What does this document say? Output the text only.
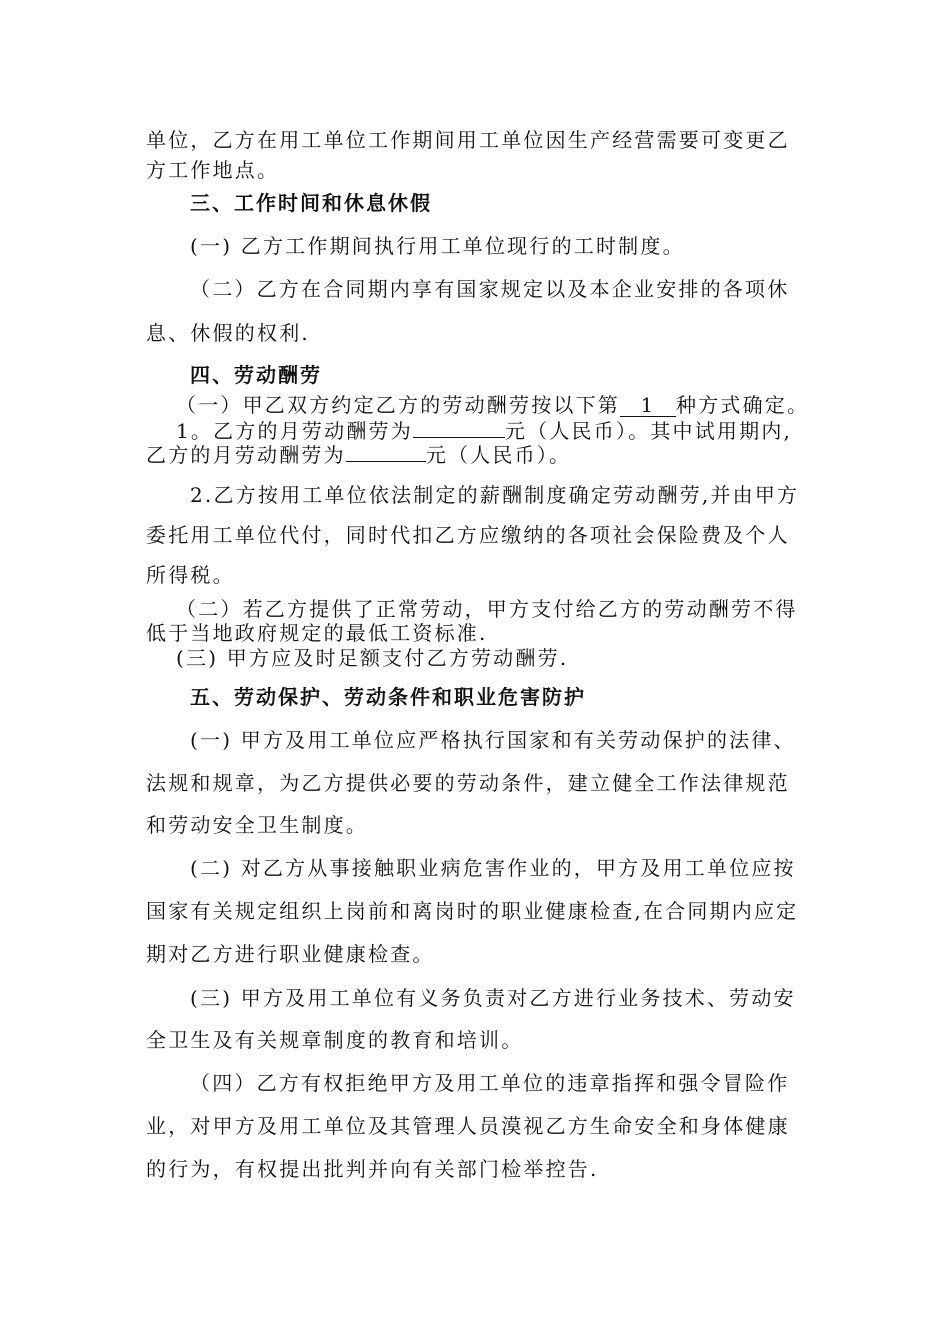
单位，乙方在用工单位工作期间用工单位因生产经营需要可变更乙
方工作地点。
三、工作时间和休息休假
(一) 乙方工作期间执行用工单位现行的工时制度。
（二）乙方在合同期内享有国家规定以及本企业安排的各项休
息、休假的权利.
四、劳动酬劳
（一）甲乙双方约定乙方的劳动酬劳按以下第 1 种方式确定。
1。乙方的月劳动酬劳为	元（人民币）。其中试用期内,
乙方的月劳动酬劳为	元（人民币）。
2.乙方按用工单位依法制定的薪酬制度确定劳动酬劳,并由甲方
委托用工单位代付，同时代扣乙方应缴纳的各项社会保险费及个人
所得税。
（二）若乙方提供了正常劳动，甲方支付给乙方的劳动酬劳不得
低于当地政府规定的最低工资标准.
(三) 甲方应及时足额支付乙方劳动酬劳.
五、劳动保护、劳动条件和职业危害防护
(一) 甲方及用工单位应严格执行国家和有关劳动保护的法律、
法规和规章，为乙方提供必要的劳动条件，建立健全工作法律规范
和劳动安全卫生制度。
(二) 对乙方从事接触职业病危害作业的，甲方及用工单位应按
国家有关规定组织上岗前和离岗时的职业健康检查,在合同期内应定
期对乙方进行职业健康检查。
(三) 甲方及用工单位有义务负责对乙方进行业务技术、劳动安
全卫生及有关规章制度的教育和培训。
（四）乙方有权拒绝甲方及用工单位的违章指挥和强令冒险作
业，对甲方及用工单位及其管理人员漠视乙方生命安全和身体健康
的行为，有权提出批判并向有关部门检举控告.
